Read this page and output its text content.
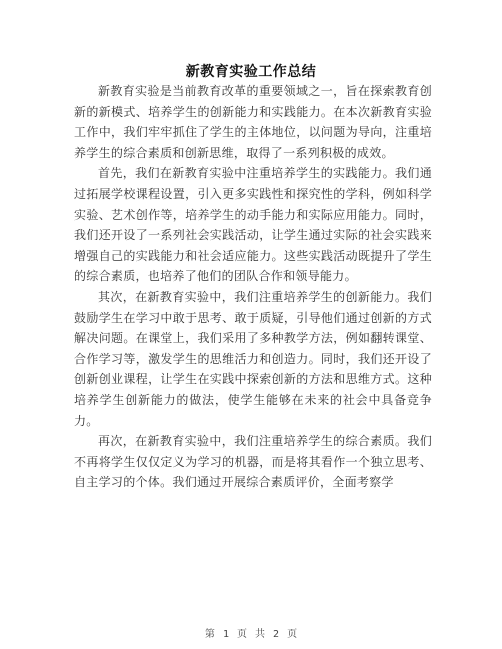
新教育实验工作总结

新教育实验是当前教育改革的重要领域之一，旨在探索教育创新的新模式、培养学生的创新能力和实践能力。在本次新教育实验工作中，我们牢牢抓住了学生的主体地位，以问题为导向，注重培养学生的综合素质和创新思维，取得了一系列积极的成效。

首先，我们在新教育实验中注重培养学生的实践能力。我们通过拓展学校课程设置，引入更多实践性和探究性的学科，例如科学实验、艺术创作等，培养学生的动手能力和实际应用能力。同时，我们还开设了一系列社会实践活动，让学生通过实际的社会实践来增强自己的实践能力和社会适应能力。这些实践活动既提升了学生的综合素质，也培养了他们的团队合作和领导能力。

其次，在新教育实验中，我们注重培养学生的创新能力。我们鼓励学生在学习中敢于思考、敢于质疑，引导他们通过创新的方式解决问题。在课堂上，我们采用了多种教学方法，例如翻转课堂、合作学习等，激发学生的思维活力和创造力。同时，我们还开设了创新创业课程，让学生在实践中探索创新的方法和思维方式。这种培养学生创新能力的做法，使学生能够在未来的社会中具备竞争力。

再次，在新教育实验中，我们注重培养学生的综合素质。我们不再将学生仅仅定义为学习的机器，而是将其看作一个独立思考、自主学习的个体。我们通过开展综合素质评价，全面考察学

第 1 页 共 2 页
